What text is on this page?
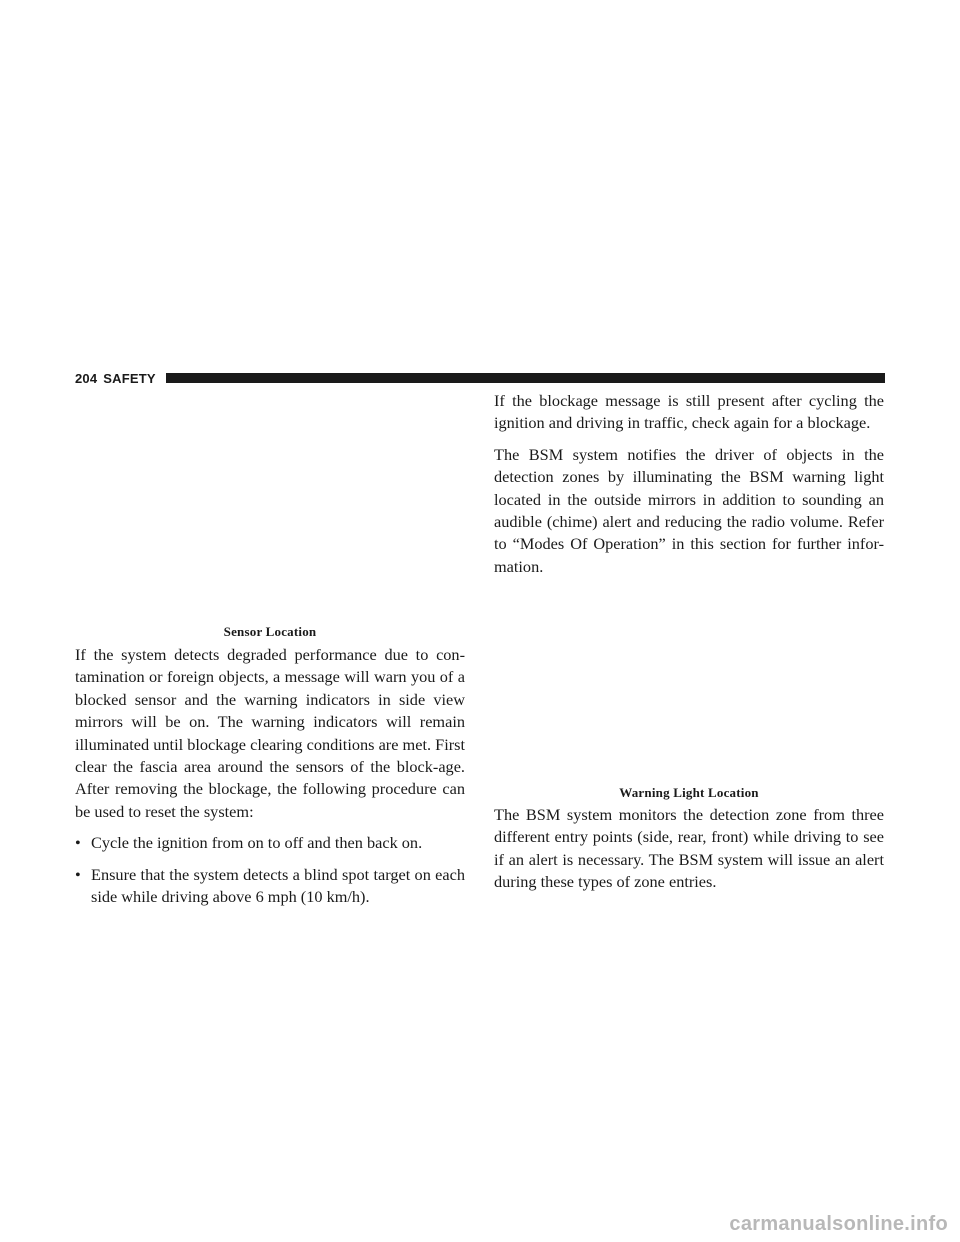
204 SAFETY
Sensor Location

If the system detects degraded performance due to con-tamination or foreign objects, a message will warn you of a blocked sensor and the warning indicators in side view mirrors will be on. The warning indicators will remain illuminated until blockage clearing conditions are met. First clear the fascia area around the sensors of the block-age. After removing the blockage, the following procedure can be used to reset the system:

• Cycle the ignition from on to off and then back on.
• Ensure that the system detects a blind spot target on each side while driving above 6 mph (10 km/h).

If the blockage message is still present after cycling the ignition and driving in traffic, check again for a blockage.

The BSM system notifies the driver of objects in the detection zones by illuminating the BSM warning light located in the outside mirrors in addition to sounding an audible (chime) alert and reducing the radio volume. Refer to “Modes Of Operation” in this section for further infor-mation.

Warning Light Location

The BSM system monitors the detection zone from three different entry points (side, rear, front) while driving to see if an alert is necessary. The BSM system will issue an alert during these types of zone entries.

carmanualsonline.info
